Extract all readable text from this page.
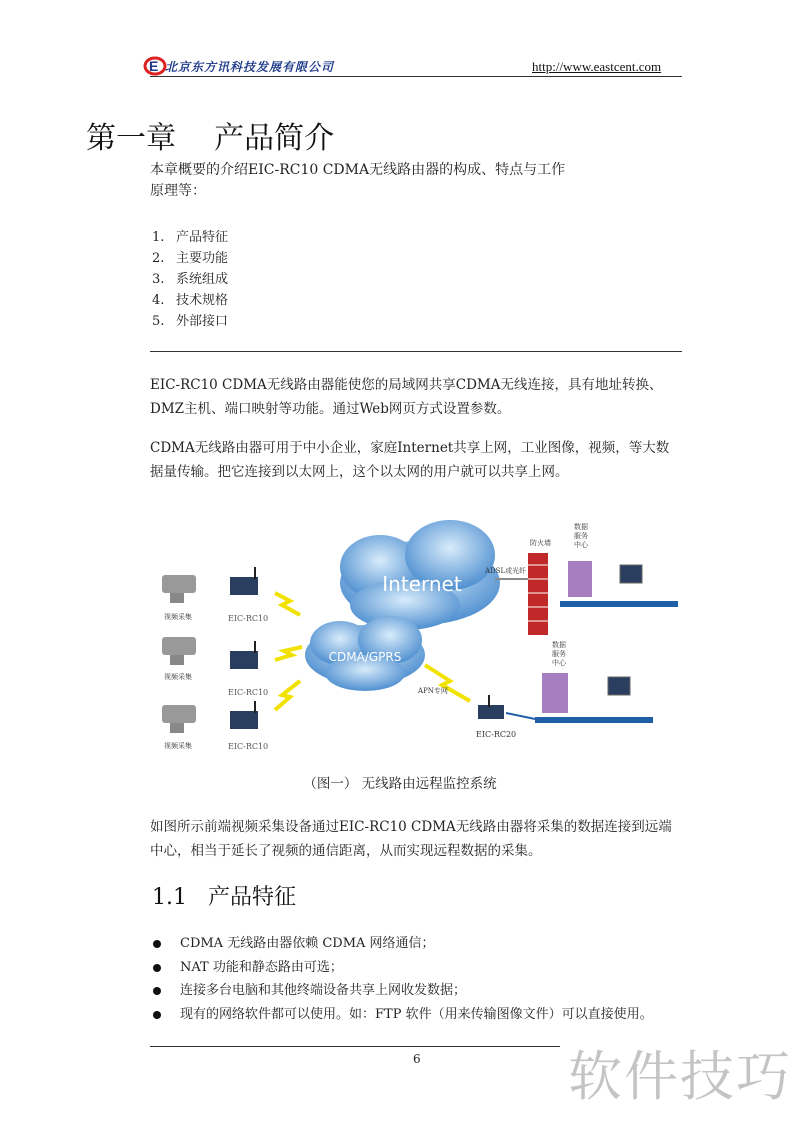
E 北京东方讯科技发展有限公司	http://www.eastcent.com
第一章    产品简介
本章概要的介绍EIC-RC10 CDMA无线路由器的构成、特点与工作原理等：
1. 产品特征
2. 主要功能
3. 系统组成
4. 技术规格
5. 外部接口
EIC-RC10 CDMA无线路由器能使您的局域网共享CDMA无线连接，具有地址转换、DMZ主机、端口映射等功能。通过Web网页方式设置参数。
CDMA无线路由器可用于中小企业，家庭Internet共享上网，工业图像，视频，等大数据量传输。把它连接到以太网上，这个以太网的用户就可以共享上网。
Internet
CDMA/GPRS
视频采集	EIC-RC10
视频采集
EIC-RC10
视频采集	EIC-RC10
ADSL或光纤
防火墙
数据
服务
中心
数据
服务
中心
APN专网
EIC-RC20
（图一） 无线路由远程监控系统
如图所示前端视频采集设备通过EIC-RC10 CDMA无线路由器将采集的数据连接到远端中心，相当于延长了视频的通信距离，从而实现远程数据的采集。
1.1   产品特征
CDMA 无线路由器依赖 CDMA 网络通信；
NAT 功能和静态路由可选；
连接多台电脑和其他终端设备共享上网收发数据；
现有的网络软件都可以使用。如：FTP 软件（用来传输图像文件）可以直接使用。
6	软件技巧
